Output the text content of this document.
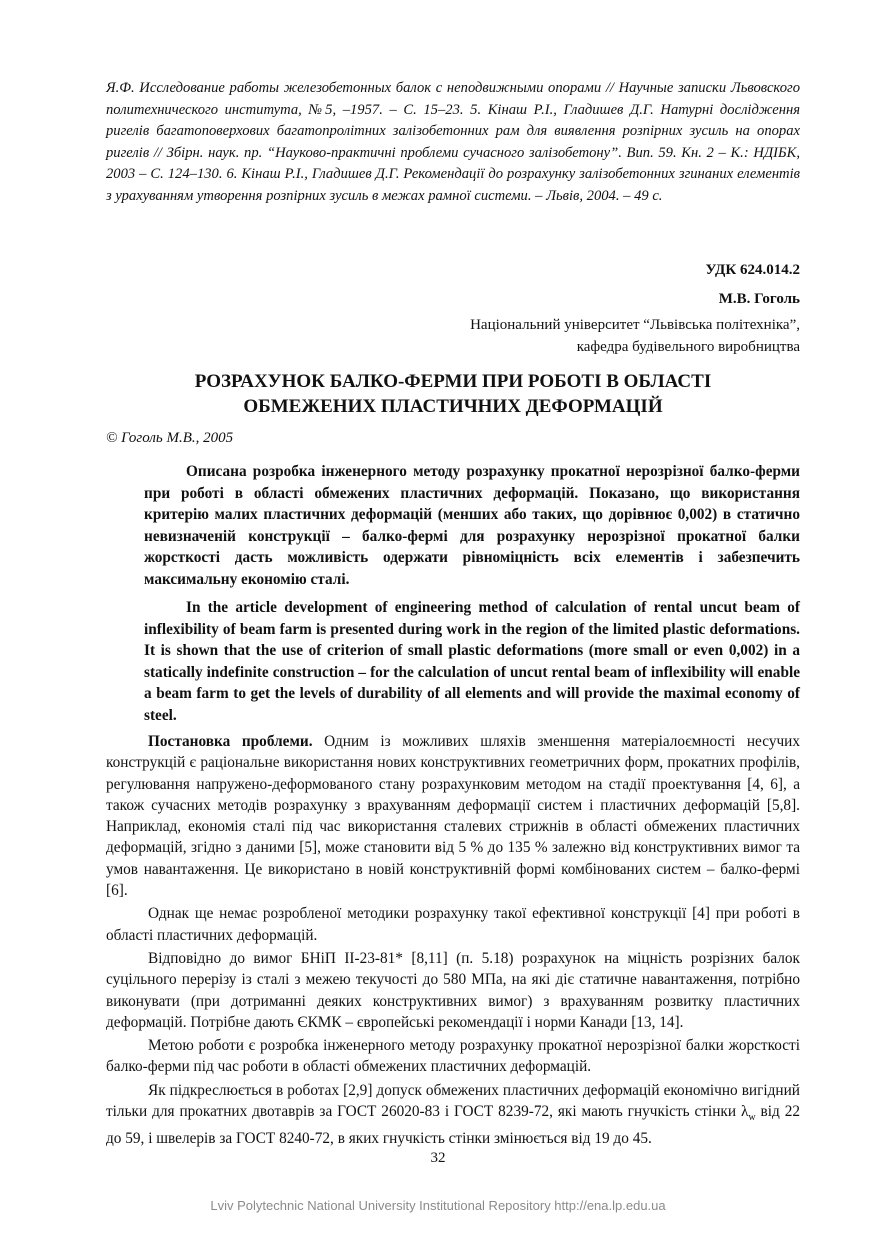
Я.Ф. Исследование работы железобетонных балок с неподвижными опорами // Научные записки Львовского политехнического института, №5, –1957. – С. 15–23. 5. Кінаш Р.І., Гладишев Д.Г. Натурні дослідження ригелів багатоповерхових багатопролітних залізобетонних рам для виявлення розпірних зусиль на опорах ригелів // Збірн. наук. пр. “Науково-практичні проблеми сучасного залізобетону”. Вип. 59. Кн. 2 – К.: НДІБК, 2003 – С. 124–130. 6. Кінаш Р.І., Гладишев Д.Г. Рекомендації до розрахунку залізобетонних згинаних елементів з урахуванням утворення розпірних зусиль в межах рамної системи. – Львів, 2004. – 49 с.

УДК 624.014.2
М.В. Гоголь
Національний університет “Львівська політехніка”,
кафедра будівельного виробництва
РОЗРАХУНОК БАЛКО-ФЕРМИ ПРИ РОБОТІ В ОБЛАСТІ
ОБМЕЖЕНИХ ПЛАСТИЧНИХ ДЕФОРМАЦІЙ
© Гоголь М.В., 2005

Описана розробка інженерного методу розрахунку прокатної нерозрізної балко-ферми при роботі в області обмежених пластичних деформацій. Показано, що використання критерію малих пластичних деформацій (менших або таких, що дорівнює 0,002) в статично невизначеній конструкції – балко-фермі для розрахунку нерозрізної прокатної балки жорсткості дасть можливість одержати рівноміцність всіх елементів і забезпечить максимальну економію сталі.

In the article development of engineering method of calculation of rental uncut beam of inflexibility of beam farm is presented during work in the region of the limited plastic deformations. It is shown that the use of criterion of small plastic deformations (more small or even 0,002) in a statically indefinite construction – for the calculation of uncut rental beam of inflexibility will enable a beam farm to get the levels of durability of all elements and will provide the maximal economy of steel.

Постановка проблеми. Одним із можливих шляхів зменшення матеріалоємності несучих конструкцій є раціональне використання нових конструктивних геометричних форм, прокатних профілів, регулювання напружено-деформованого стану розрахунковим методом на стадії проектування [4, 6], а також сучасних методів розрахунку з врахуванням деформації систем і пластичних деформацій [5,8]. Наприклад, економія сталі під час використання сталевих стрижнів в області обмежених пластичних деформацій, згідно з даними [5], може становити від 5 % до 135 % залежно від конструктивних вимог та умов навантаження. Це використано в новій конструктивній формі комбінованих систем – балко-фермі [6].

Однак ще немає розробленої методики розрахунку такої ефективної конструкції [4] при роботі в області пластичних деформацій.

Відповідно до вимог БНіП ІІ-23-81* [8,11] (п. 5.18) розрахунок на міцність розрізних балок суцільного перерізу із сталі з межею текучості до 580 МПа, на які діє статичне навантаження, потрібно виконувати (при дотриманні деяких конструктивних вимог) з врахуванням розвитку пластичних деформацій. Потрібне дають ЄКМК – європейські рекомендації і норми Канади [13, 14].

Метою роботи є розробка інженерного методу розрахунку прокатної нерозрізної балки жорсткості балко-ферми під час роботи в області обмежених пластичних деформацій.

Як підкреслюється в роботах [2,9] допуск обмежених пластичних деформацій економічно вигідний тільки для прокатних двотаврів за ГОСТ 26020-83 і ГОСТ 8239-72, які мають гнучкість стінки $\lambda_w$ від 22 до 59, і швелерів за ГОСТ 8240-72, в яких гнучкість стінки змінюється від 19 до 45.

32
Lviv Polytechnic National University Institutional Repository http://ena.lp.edu.ua
